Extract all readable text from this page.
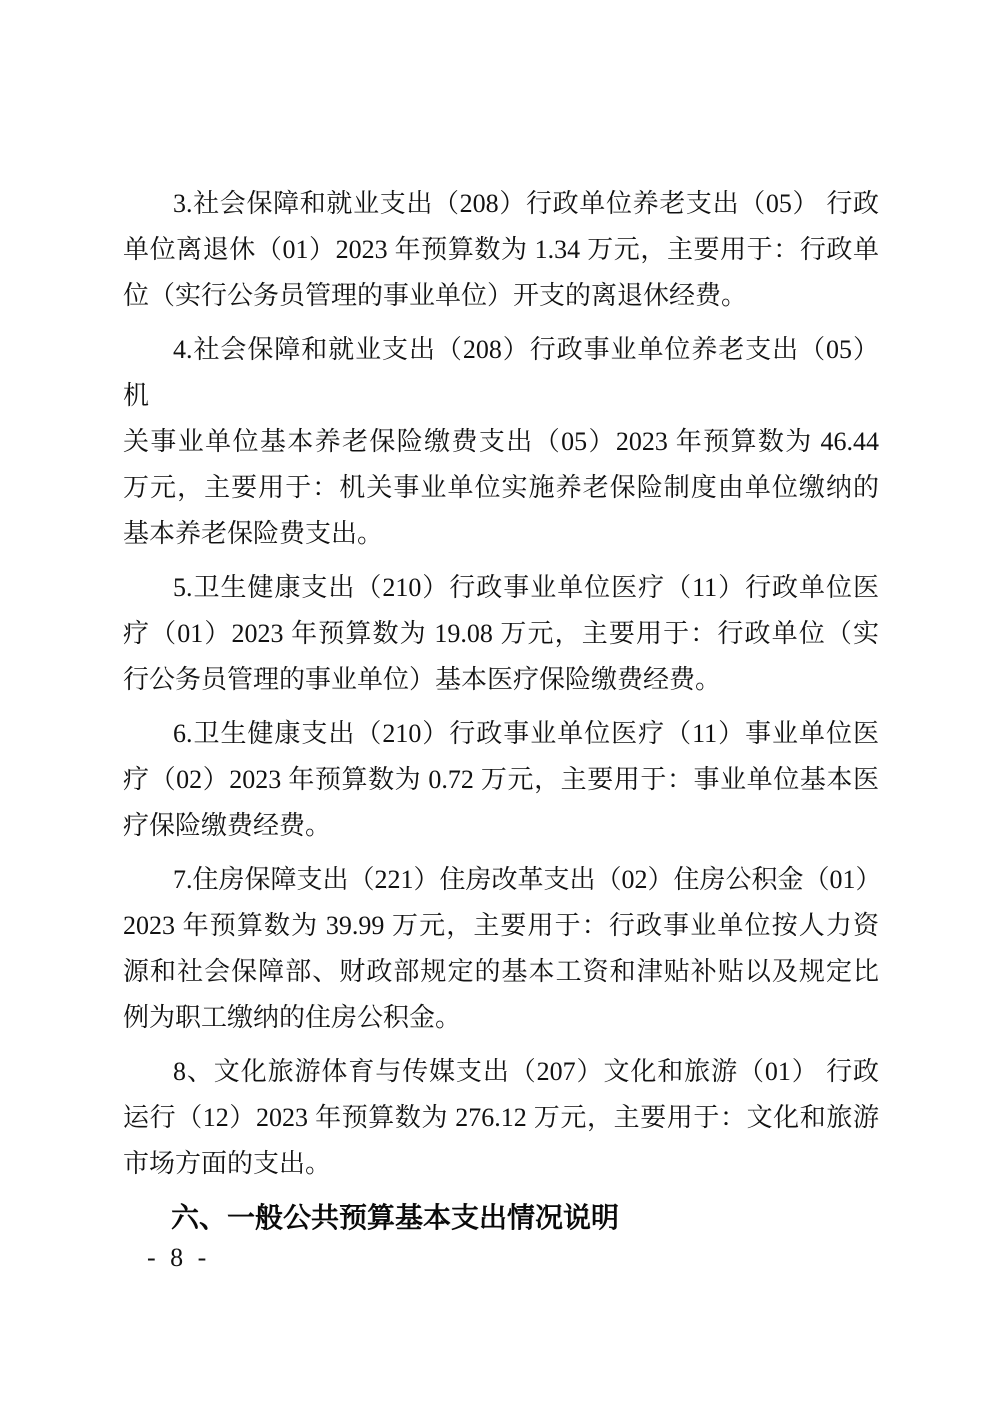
3.社会保障和就业支出（208）行政单位养老支出（05） 行政
单位离退休（01）2023 年预算数为 1.34 万元，主要用于：行政单
位（实行公务员管理的事业单位）开支的离退休经费。

4.社会保障和就业支出（208）行政事业单位养老支出（05） 机
关事业单位基本养老保险缴费支出（05）2023 年预算数为 46.44
万元，主要用于：机关事业单位实施养老保险制度由单位缴纳的
基本养老保险费支出。

5.卫生健康支出（210）行政事业单位医疗（11）行政单位医
疗（01）2023 年预算数为 19.08 万元，主要用于：行政单位（实
行公务员管理的事业单位）基本医疗保险缴费经费。

6.卫生健康支出（210）行政事业单位医疗（11）事业单位医
疗（02）2023 年预算数为 0.72 万元，主要用于：事业单位基本医
疗保险缴费经费。

7.住房保障支出（221）住房改革支出（02）住房公积金（01）
2023 年预算数为 39.99 万元，主要用于：行政事业单位按人力资
源和社会保障部、财政部规定的基本工资和津贴补贴以及规定比
例为职工缴纳的住房公积金。

8、文化旅游体育与传媒支出（207）文化和旅游（01） 行政
运行（12）2023 年预算数为 276.12 万元，主要用于：文化和旅游
市场方面的支出。

六、一般公共预算基本支出情况说明
- 8 -
